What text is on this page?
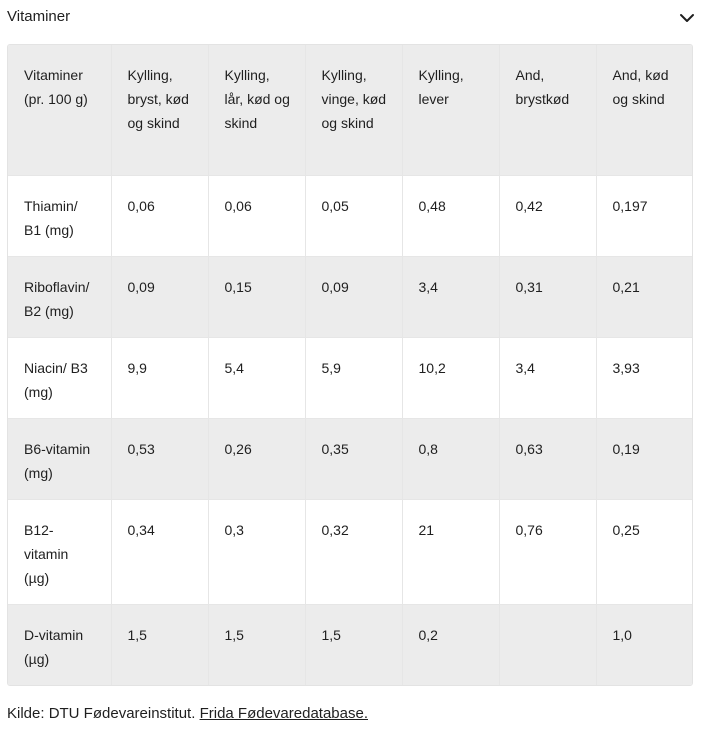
Vitaminer
Vitaminer (pr. 100 g)	Kylling, bryst, kød og skind	Kylling, lår, kød og skind	Kylling, vinge, kød og skind	Kylling, lever	And, brystkød	And, kød og skind
Thiamin/ B1 (mg)	0,06	0,06	0,05	0,48	0,42	0,197
Riboflavin/ B2 (mg)	0,09	0,15	0,09	3,4	0,31	0,21
Niacin/ B3 (mg)	9,9	5,4	5,9	10,2	3,4	3,93
B6-vitamin (mg)	0,53	0,26	0,35	0,8	0,63	0,19
B12- vitamin (µg)	0,34	0,3	0,32	21	0,76	0,25
D-vitamin (µg)	1,5	1,5	1,5	0,2		1,0
Kilde: DTU Fødevareinstitut. Frida Fødevaredatabase.
